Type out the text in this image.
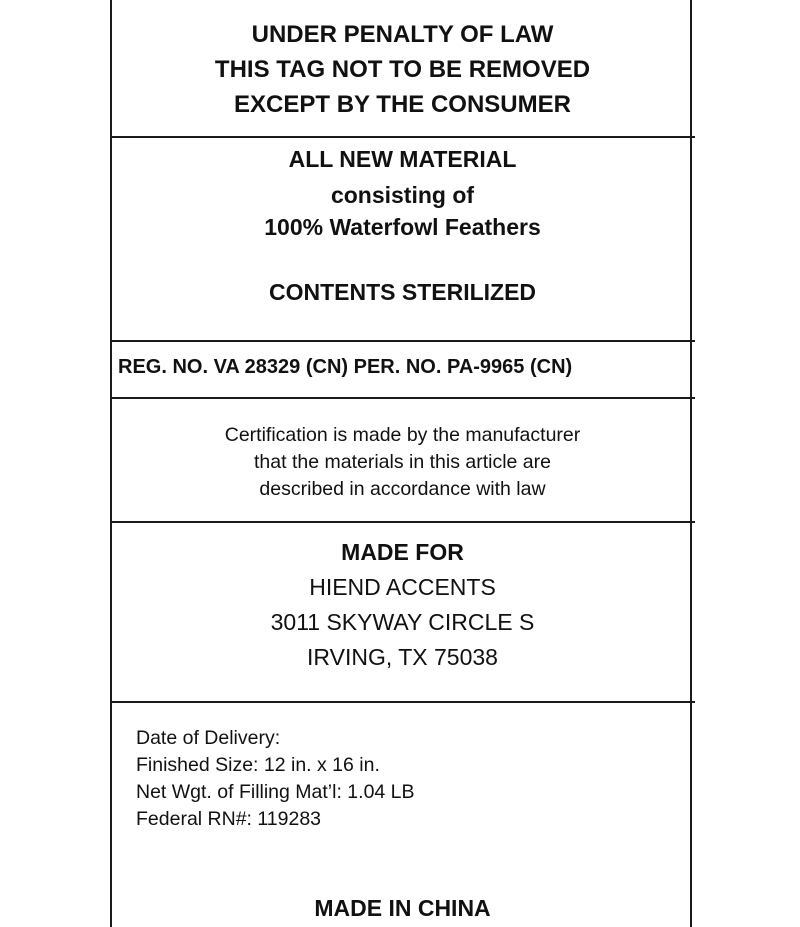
UNDER PENALTY OF LAW
THIS TAG NOT TO BE REMOVED
EXCEPT BY THE CONSUMER
ALL NEW MATERIAL
consisting of
100% Waterfowl Feathers
CONTENTS STERILIZED
REG. NO. VA 28329 (CN) PER. NO. PA-9965 (CN)
Certification is made by the manufacturer
that the materials in this article are
described in accordance with law
MADE FOR
HIEND ACCENTS
3011 SKYWAY CIRCLE S
IRVING, TX 75038
Date of Delivery:
Finished Size: 12 in. x 16 in.
Net Wgt. of Filling Mat’l: 1.04 LB
Federal RN#: 119283
MADE IN CHINA
